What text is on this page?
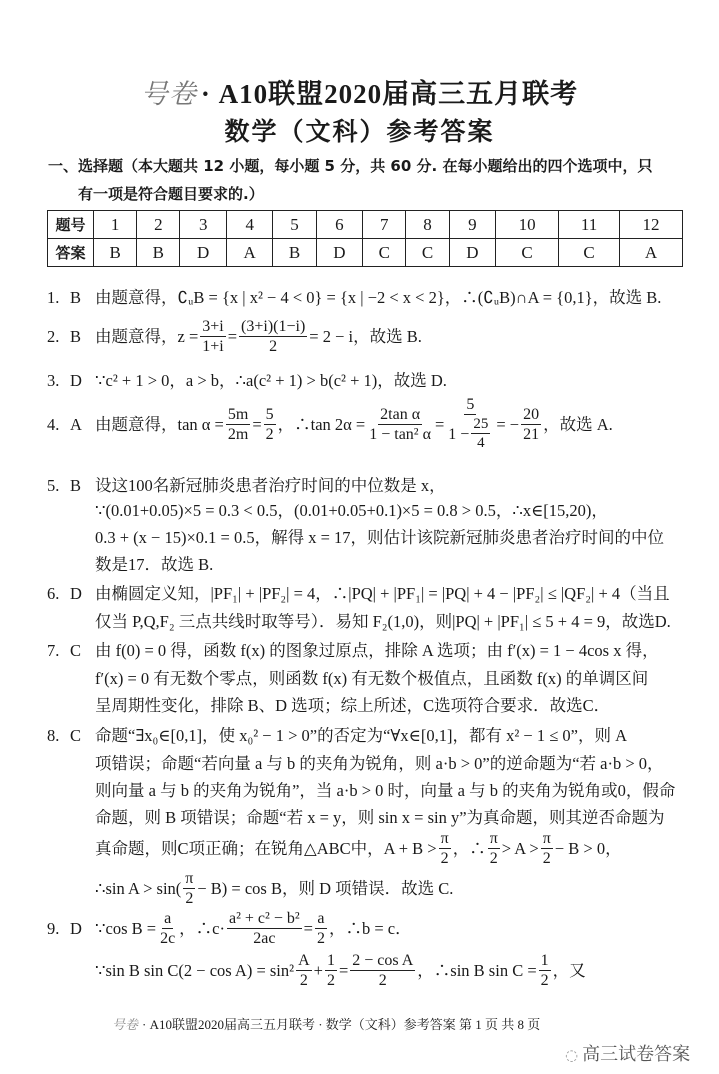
号卷 · A10联盟2020届高三五月联考
数学（文科）参考答案
一、选择题（本大题共 12 小题，每小题 5 分，共 60 分. 在每小题给出的四个选项中，只
有一项是符合题目要求的.）
题号	1	2	3	4	5	6	7	8	9	10	11	12
答案	B	B	D	A	B	D	C	C	D	C	C	A
由题意得，∁ᵤB = {x | x² − 4 < 0} = {x | −2 < x < 2}，∴(∁ᵤB)∩A = {0,1}，故选 B.
1. B
由题意得，$z = \frac{3+i}{1+i} = \frac{(3+i)(1-i)}{2} = 2 - i$，故选 B.
2. B
∵c² + 1 > 0，a > b，∴a(c² + 1) > b(c² + 1)，故选 D.
3. D
由题意得，$\tan \alpha = \frac{5m}{2m} = \frac{5}{2}$ ，∴tan $2\alpha = \frac{\text{2tan α}}{\text{1 − tan² α}} = \frac{5}{1 - \frac{25}{4}}$ = − $\frac{20}{21}$ ，故选 A.
4. A
设这100名新冠肺炎患者治疗时间的中位数是 x，
∵(0.01+0.05)×5 = 0.3 < 0.5，(0.01+0.05+0.1)×5 = 0.8 > 0.5，∴x∈[15,20)，
0.3 + (x − 15)×0.1 = 0.5，解得 x = 17，则估计该院新冠肺炎患者治疗时间的中位
数是17．故选 B.
5. B
由椭圆定义知，|PF₁| + |PF₂| = 4，∴|PQ| + |PF₁| = |PQ| + 4 − |PF₂| ≤ |QF₂| + 4（当且
仅当 P,Q,F₂ 三点共线时取等号）．易知 F₂(1,0)，则|PQ| + |PF₁| ≤ 5 + 4 = 9，故选D.
6. D
由 f(0) = 0 得，函数 f(x) 的图象过原点，排除 A 选项；由 f′(x) = 1 − 4cos x 得，
f′(x) = 0 有无数个零点，则函数 f(x) 有无数个极值点，且函数 f(x) 的单调区间
呈周期性变化，排除 B、D 选项；综上所述，C选项符合要求．故选C．
7. C
命题“∃x₀∈[0,1]，使 x₀² − 1 > 0”的否定为“∀x∈[0,1]，都有 x² − 1 ≤ 0”，则 A
项错误；命题“若向量 a 与 b 的夹角为锐角，则 a·b > 0”的逆命题为“若 a·b > 0，
则向量 a 与 b 的夹角为锐角”，当 a·b > 0 时，向量 a 与 b 的夹角为锐角或0，假命
命题，则 B 项错误；命题“若 x = y，则 sin x = sin y”为真命题，则其逆否命题为
真命题，则C项正确；在锐角△ABC中，$A + B > \frac{\pi}{2}$ ，∴ $\frac{\pi}{2} > A > \frac{\pi}{2} - B > 0$，
∴sin $A > \sin( \frac{\pi}{2} - B) = \cos B$，则 D 项错误．故选 C.
8. C
∵cos $B = \frac{a}{2c}$ ，∴c· $\frac{\text{a² + c² − b²}}{2ac} = \frac{a}{2}$ ，∴b = c．
∵sin B $\sin C(2 - \cos A) = \sin^2 \frac{A}{2} + \frac{1}{2} = \frac{\text{2 − cos A}}{2}$ ，∴sin B $\sin C = \frac{1}{2}$ ，又
9. D
号卷 · A10联盟2020届高三五月联考 · 数学（文科）参考答案 第 1 页 共 8 页
◌ 高三试卷答案
